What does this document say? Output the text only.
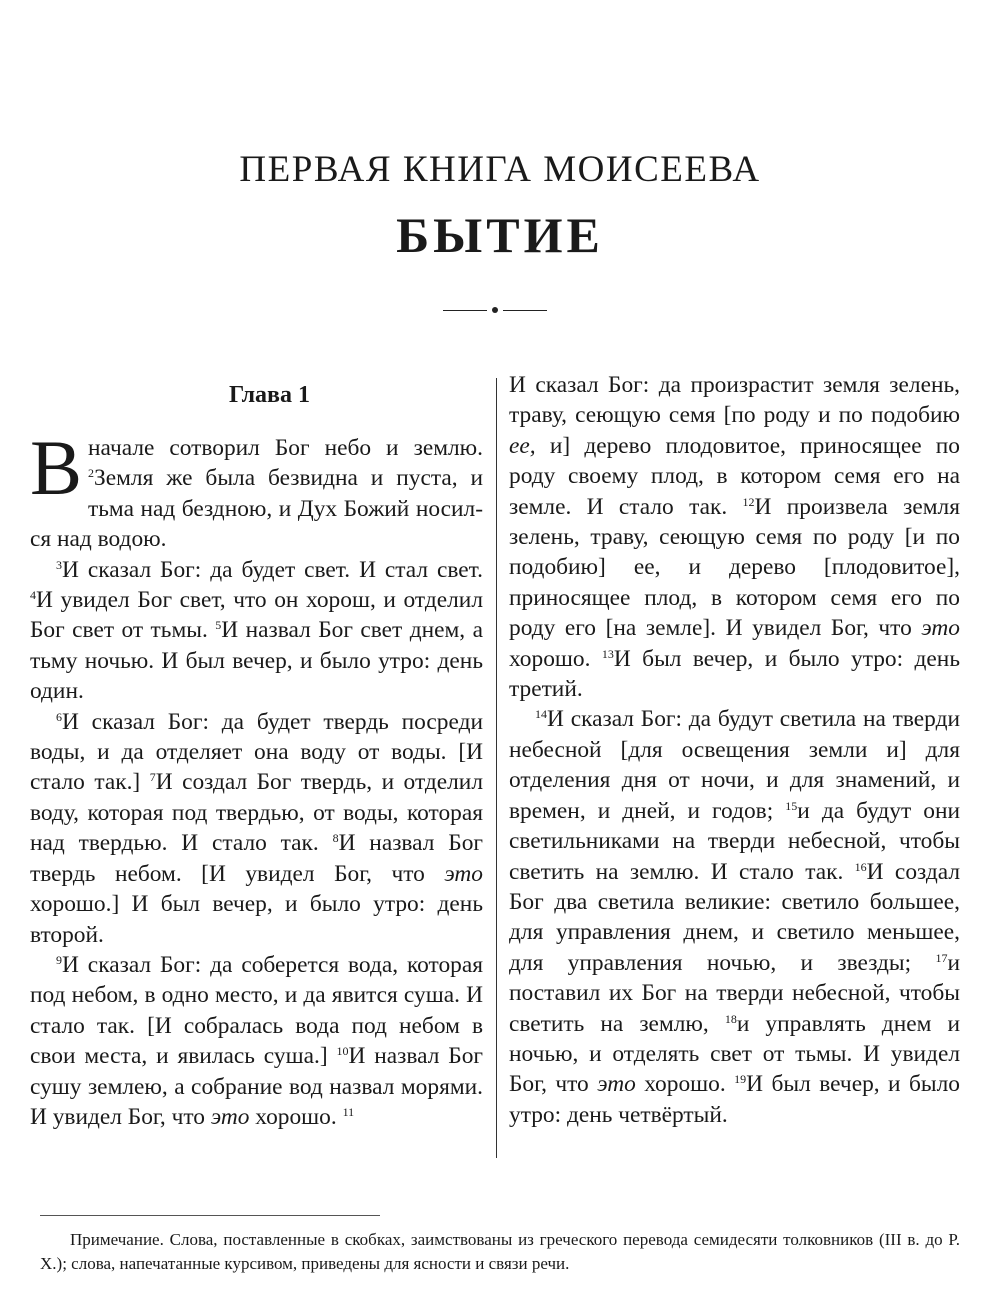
ПЕРВАЯ КНИГА МОИСЕЕВА
БЫТИЕ

Глава 1

Вначале сотворил Бог небо и землю. $^2$Земля же была безвидна и пуста, и тьма над бездною, и Дух Божий носился над водою.

$^3$И сказал Бог: да будет свет. И стал свет. $^4$И увидел Бог свет, что он хорош, и отделил Бог свет от тьмы. $^5$И назвал Бог свет днем, а тьму ночью. И был вечер, и было утро: день один.

$^6$И сказал Бог: да будет твердь посреди воды, и да отделяет она воду от воды. [И стало так.] $^7$И создал Бог твердь, и отделил воду, которая под твердью, от воды, которая над твердью. И стало так. $^8$И назвал Бог твердь небом. [И увидел Бог, что это хорошо.] И был вечер, и было утро: день второй.

$^9$И сказал Бог: да соберется вода, которая под небом, в одно место, и да явится суша. И стало так. [И собралась вода под небом в свои места, и явилась суша.] $^{10}$И назвал Бог сушу землею, а собрание вод назвал морями. И увидел Бог, что это хорошо. $^{11}$

И сказал Бог: да произрастит земля зелень, траву, сеющую семя [по роду и по подобию ее, и] дерево плодовитое, приносящее по роду своему плод, в котором семя его на земле. И стало так. $^{12}$И произвела земля зелень, траву, сеющую семя по роду [и по подобию] ее, и дерево [плодовитое], приносящее плод, в котором семя его по роду его [на земле]. И увидел Бог, что это хорошо. $^{13}$И был вечер, и было утро: день третий.

$^{14}$И сказал Бог: да будут светила на тверди небесной [для освещения земли и] для отделения дня от ночи, и для знамений, и времен, и дней, и годов; $^{15}$и да будут они светильниками на тверди небесной, чтобы светить на землю. И стало так. $^{16}$И создал Бог два светила великие: светило большее, для управления днем, и светило меньшее, для управления ночью, и звезды; $^{17}$и поставил их Бог на тверди небесной, чтобы светить на землю, $^{18}$и управлять днем и ночью, и отделять свет от тьмы. И увидел Бог, что это хорошо. $^{19}$И был вечер, и было утро: день четвёртый.

Примечание. Слова, поставленные в скобках, заимствованы из греческого перевода семидесяти толковников (III в. до Р. Х.); слова, напечатанные курсивом, приведены для ясности и связи речи.
